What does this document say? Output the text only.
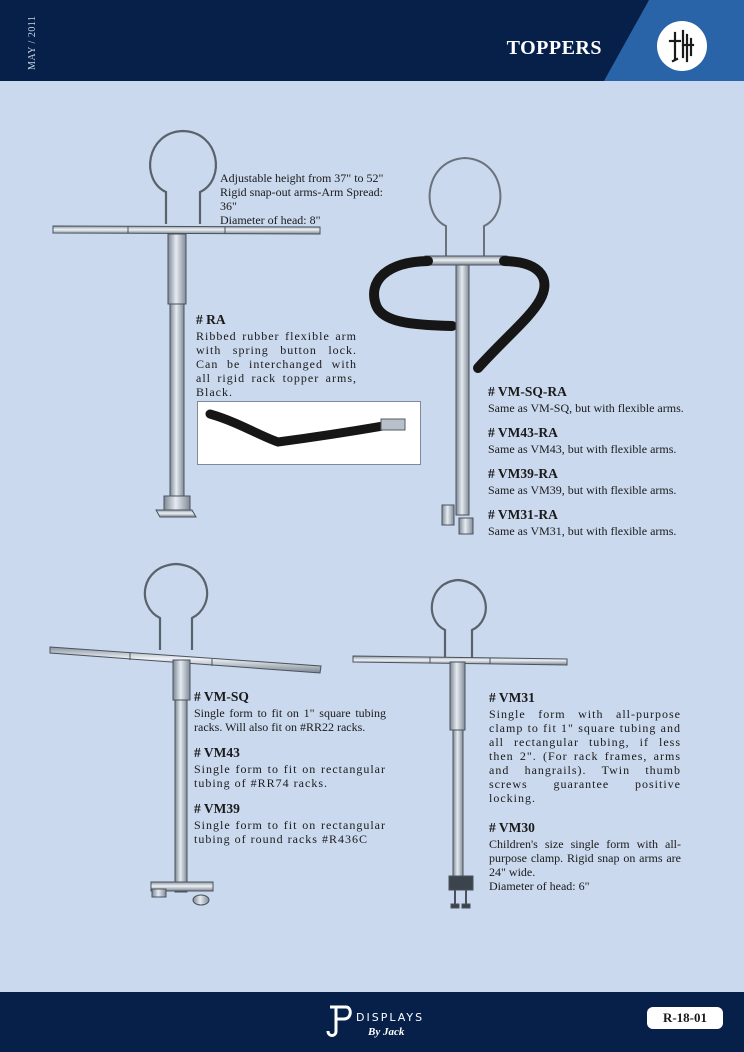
MAY / 2011	TOPPERS
Adjustable height from 37" to 52"
Rigid snap-out arms-Arm Spread: 36"
Diameter of head: 8"
# RA
Ribbed rubber flexible arm with spring button lock. Can be interchanged with all rigid rack topper arms, Black.	# VM-SQ-RA
Same as VM-SQ, but with flexible arms.
# VM43-RA
Same as VM43, but with flexible arms.
# VM39-RA
Same as VM39, but with flexible arms.
# VM31-RA
Same as VM31, but with flexible arms.
# VM-SQ
Single form to fit on 1" square tubing racks. Will also fit on #RR22 racks.
# VM43
Single form to fit on rectangular tubing of #RR74 racks.
# VM39
Single form to fit on rectangular tubing of round racks #R436C
# VM31
Single form with all-purpose clamp to fit 1" square tubing and all rectangular tubing, if less then 2". (For rack frames, arms and hangrails). Twin thumb screws guarantee positive locking.
# VM30
Children's size single form with all-purpose clamp. Rigid snap on arms are 24" wide.
Diameter of head: 6"
DISPLAYS
By Jack
R-18-01
